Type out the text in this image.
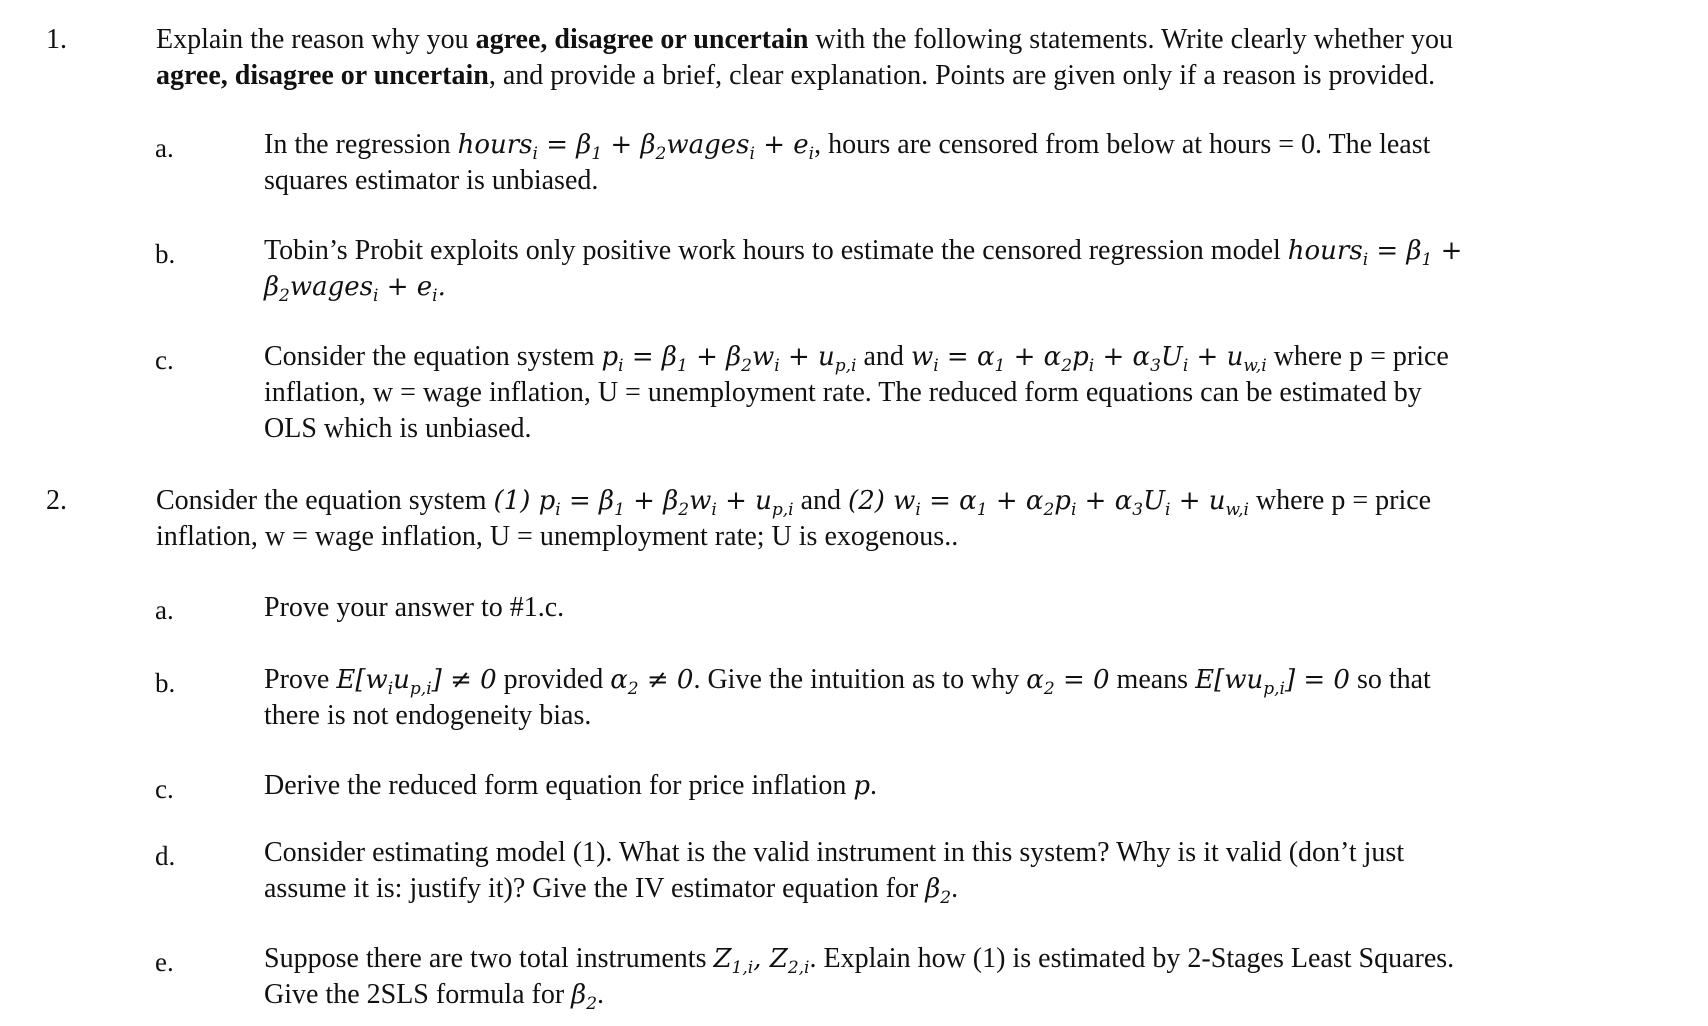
1.	Explain the reason why you agree, disagree or uncertain with the following statements. Write clearly whether you
agree, disagree or uncertain, and provide a brief, clear explanation. Points are given only if a reason is provided.
a.	In the regression hours$_i$ = $\beta_1$ + $\beta_2wages_i + e_i$, hours are censored from below at hours = 0. The least
squares estimator is unbiased.
b.	Tobin’s Probit exploits only positive work hours to estimate the censored regression model hours$_i$ = $\beta_1$ +
$\beta_2wages_i + e_i$.
c.	Consider the equation system $p_i = \beta_1 + \beta_2w_i + u_{p,i}$ and $w_i = \alpha_1 + \alpha_2p_i + \alpha_3U_i + u_{w,i}$ where p = price
inflation, w = wage inflation, U = unemployment rate. The reduced form equations can be estimated by
OLS which is unbiased.
2.	Consider the equation system (1) $p_i = \beta_1 + \beta_2w_i + u_{p,i}$ and (2) $w_i = \alpha_1 + \alpha_2p_i + \alpha_3U_i + u_{w,i}$ where p = price
inflation, w = wage inflation, U = unemployment rate; U is exogenous..
a.	Prove your answer to #1.c.
b.	Prove $E[w_iu_{p,i}] \ne 0$ provided $\alpha_2 \ne 0$. Give the intuition as to why $\alpha_2 = 0$ means $E[wu_{p,i}] = 0$ so that
there is not endogeneity bias.
c.	Derive the reduced form equation for price inflation p.
d.	Consider estimating model (1). What is the valid instrument in this system? Why is it valid (don’t just
assume it is: justify it)? Give the IV estimator equation for $\beta_2$.
e.	Suppose there are two total instruments $Z_{1,i}$, $Z_{2,i}$. Explain how (1) is estimated by 2-Stages Least Squares.
Give the 2SLS formula for $\beta_2$.
